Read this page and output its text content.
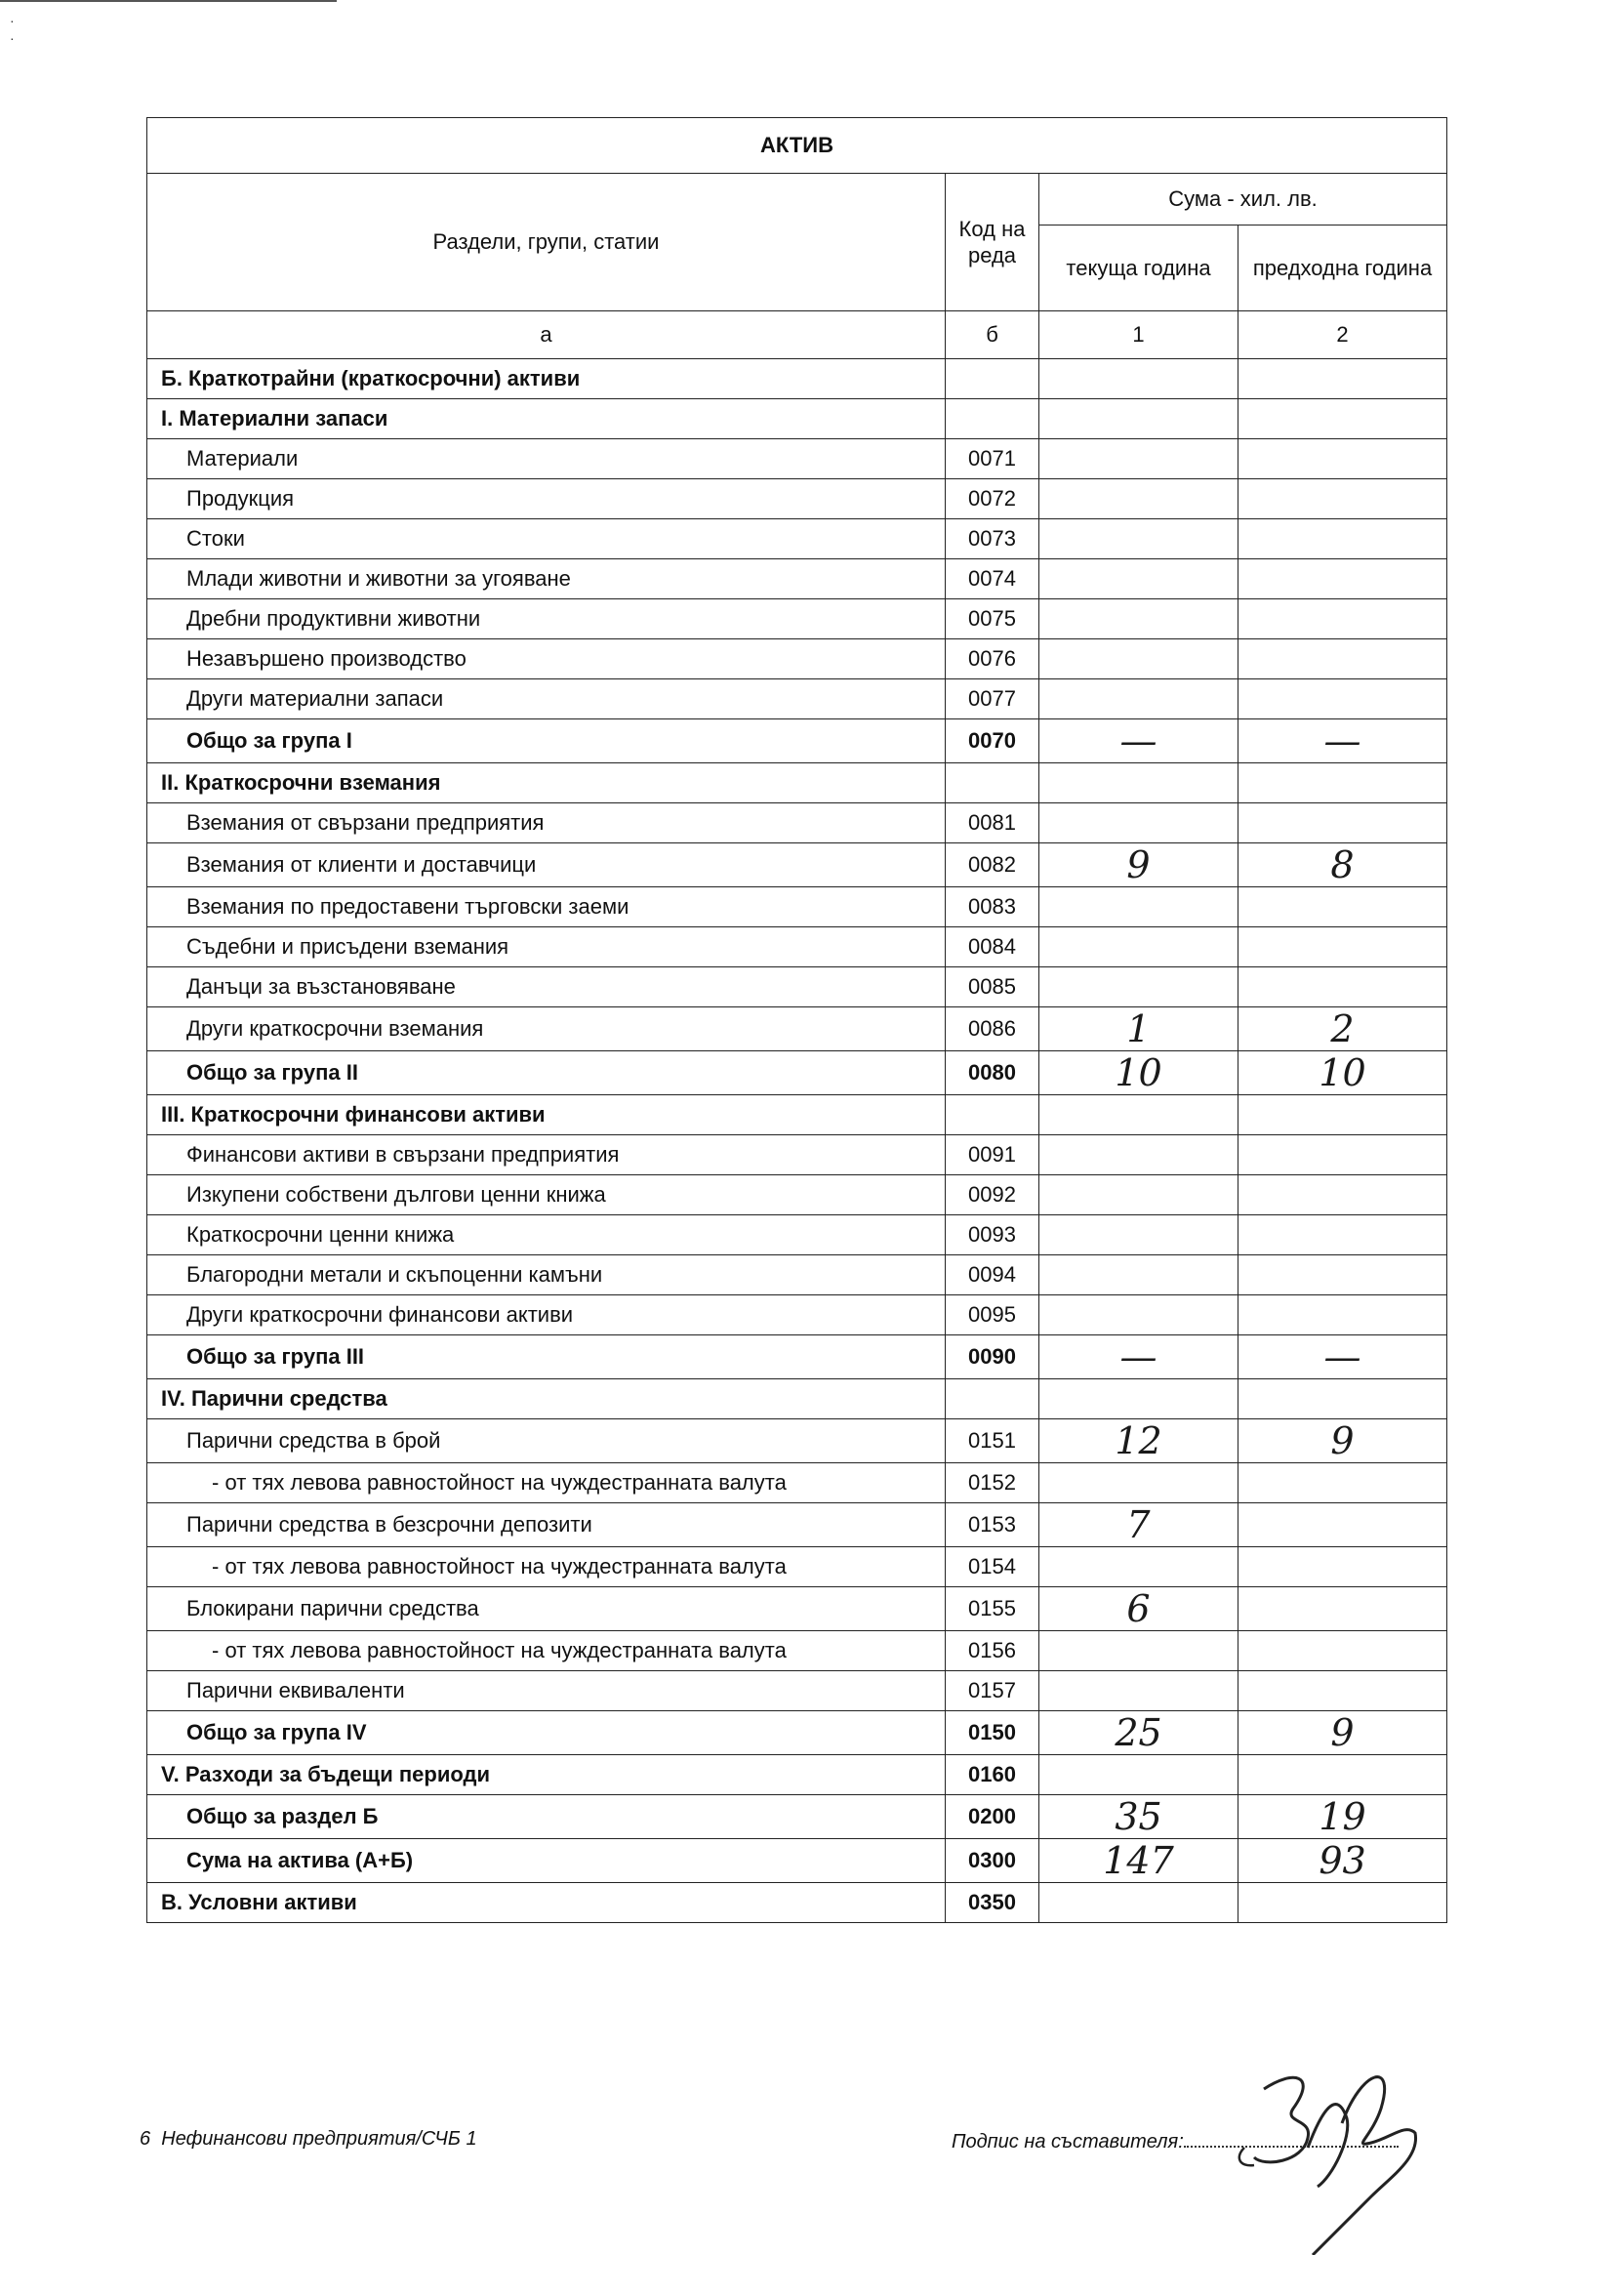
·
·
АКТИВ			
Раздели, групи, статии	Код на реда	Сума - хил. лв.	
		текуща година	предходна година
а	б	1	2
Б. Краткотрайни (краткосрочни) активи			
I. Материални запаси			
Материали	0071		
Продукция	0072		
Стоки	0073		
Млади животни и животни за угояване	0074		
Дребни продуктивни животни	0075		
Незавършено производство	0076		
Други материални запаси	0077		
Общо за група I	0070	—	—
II. Краткосрочни вземания			
Вземания от свързани предприятия	0081		
Вземания от клиенти и доставчици	0082	9	8
Вземания по предоставени търговски заеми	0083		
Съдебни и присъдени вземания	0084		
Данъци за възстановяване	0085		
Други краткосрочни вземания	0086	1	2
Общо за група II	0080	10	10
III. Краткосрочни финансови активи			
Финансови активи в свързани предприятия	0091		
Изкупени собствени дългови ценни книжа	0092		
Краткосрочни ценни книжа	0093		
Благородни метали и скъпоценни камъни	0094		
Други краткосрочни финансови активи	0095		
Общо за група III	0090	—	—
IV. Парични средства			
Парични средства в брой	0151	12	9
- от тях левова равностойност на чуждестранната валута	0152		
Парични средства в безсрочни депозити	0153	7	
- от тях левова равностойност на чуждестранната валута	0154		
Блокирани парични средства	0155	6	
- от тях левова равностойност на чуждестранната валута	0156		
Парични еквиваленти	0157		
Общо за група IV	0150	25	9
V. Разходи за бъдещи периоди	0160		
Общо за раздел Б	0200	35	19
Сума на актива (А+Б)	0300	147	93
В. Условни активи	0350		
6 Нефинансови предприятия/СЧБ 1	Подпис на съставителя:
